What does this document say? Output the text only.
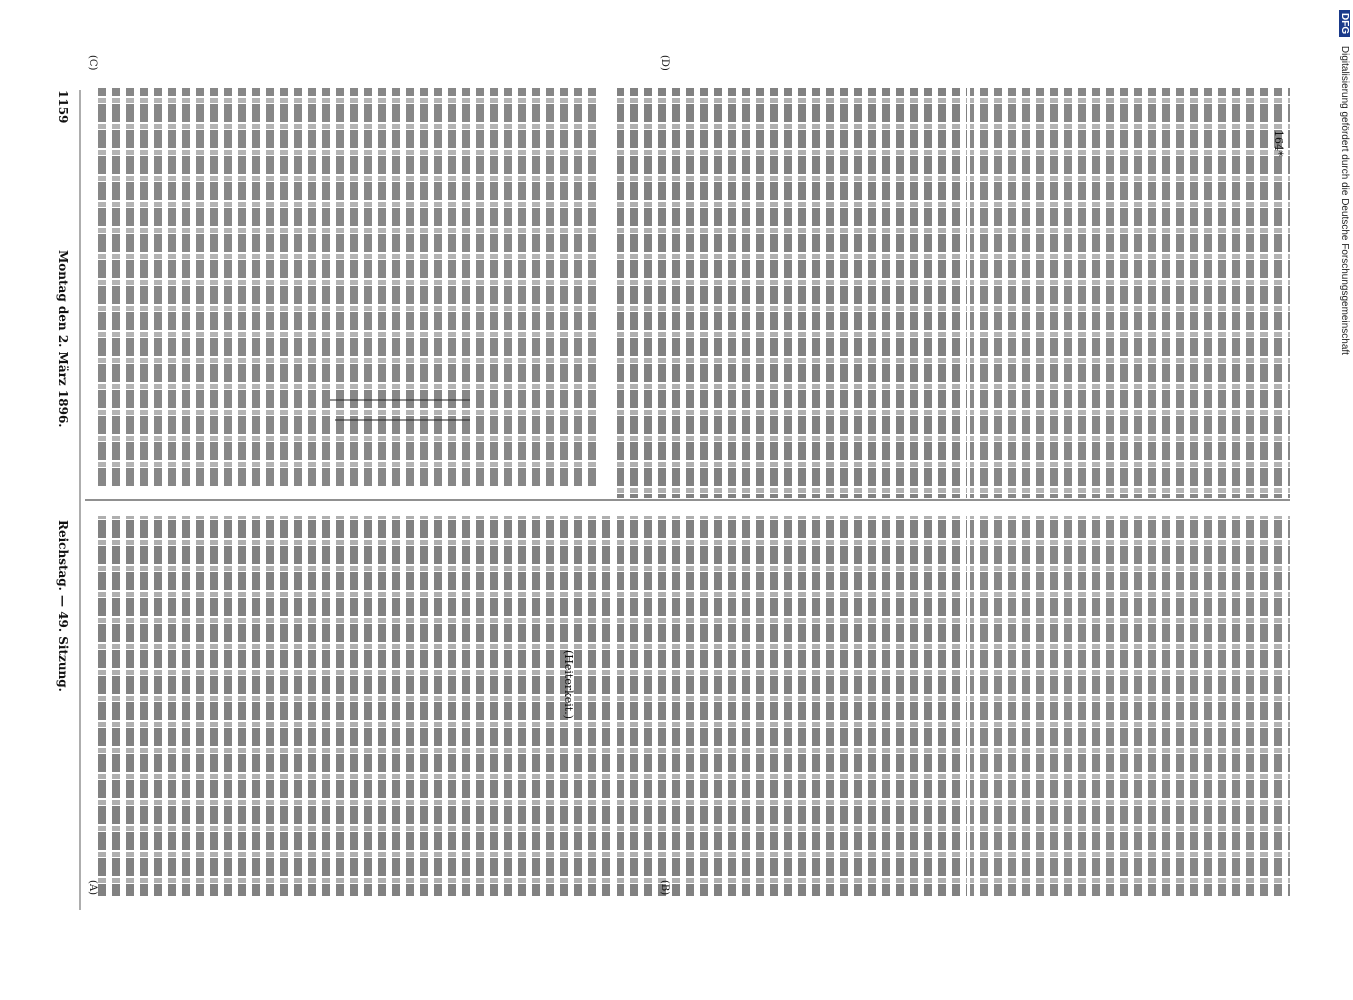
Reichstag. — 49. Sitzung.
Montag den 2. März 1896.
1159
164*
(A)	(B)
(C)	(D)
(Heiterkeit.)
DFG Digitalisierung gefördert durch die Deutsche Forschungsgemeinschaft
